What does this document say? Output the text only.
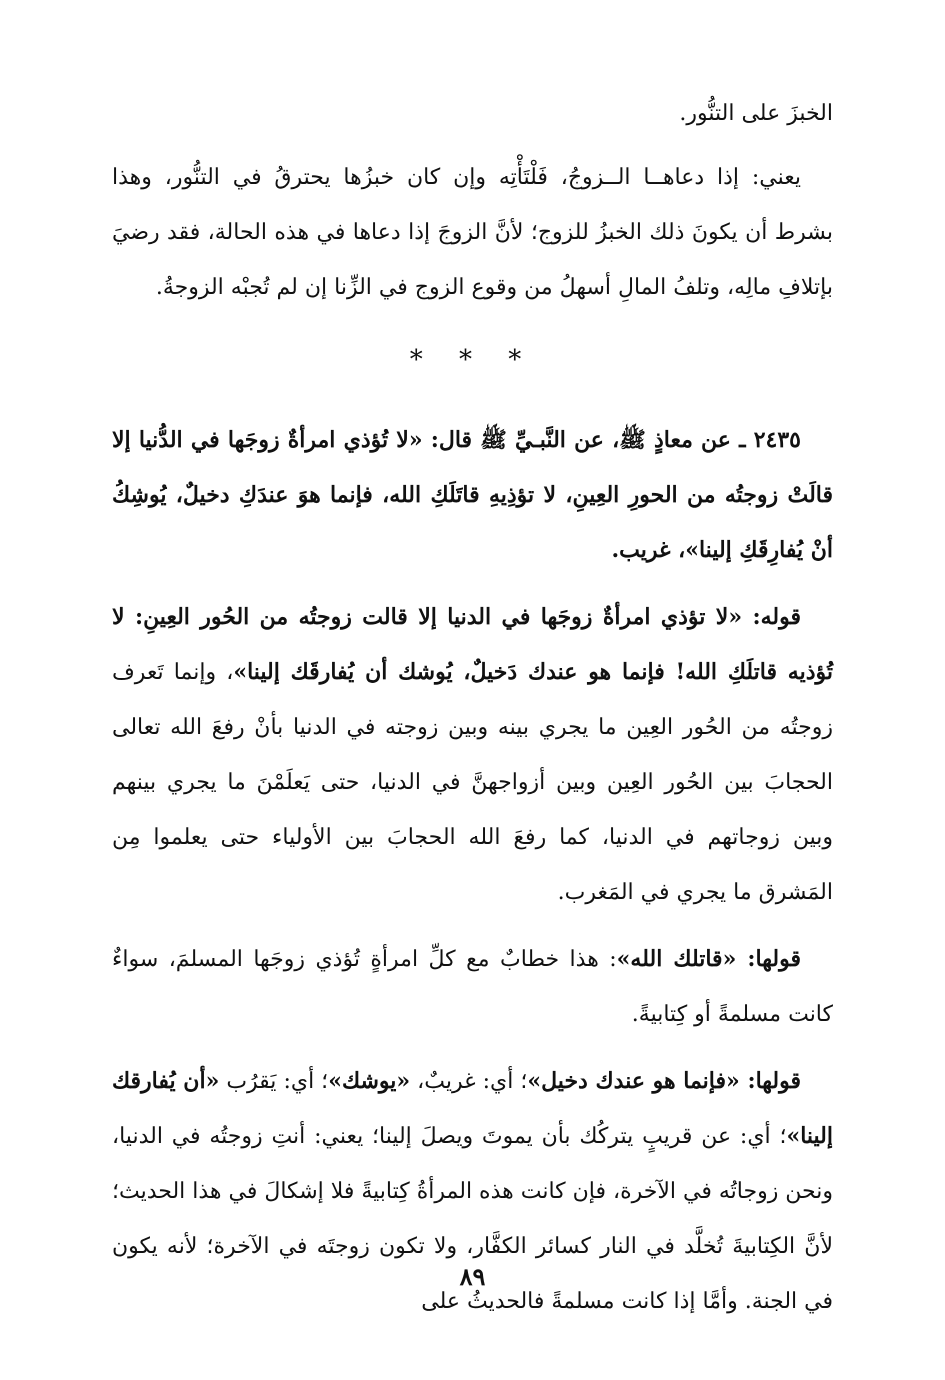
الخبزَ على التنُّور.

يعني: إذا دعاهــا الــزوجُ، فَلْتَأْتِه وإن كان خبزُها يحترقُ في التنُّور، وهذا بشرط أن يكونَ ذلك الخبزُ للزوج؛ لأنَّ الزوجَ إذا دعاها في هذه الحالة، فقد رضيَ بإتلافِ مالِه، وتلفُ المالِ أسهلُ من وقوع الزوج في الزِّنا إن لم تُجبْه الزوجةُ.

* * *

٢٤٣٥ ـ عن معاذٍ ﷺ، عن النَّبـيِّ ﷺ قال: «لا تُؤذي امرأةٌ زوجَها في الدُّنيا إلا قالَتْ زوجتُه من الحورِ العِينِ، لا تؤذِيهِ قاتَلَكِ الله، فإنما هوَ عندَكِ دخيلٌ، يُوشِكُ أنْ يُفارِقَكِ إلينا»، غريب.

قوله: «لا تؤذي امرأةٌ زوجَها في الدنيا إلا قالت زوجتُه من الحُور العِينِ: لا تُؤذيه قاتلَكِ الله! فإنما هو عندك دَخيلٌ، يُوشك أن يُفارقَك إلينا»، وإنما تَعرف زوجتُه من الحُور العِين ما يجري بينه وبين زوجته في الدنيا بأنْ رفعَ الله تعالى الحجابَ بين الحُور العِين وبين أزواجهنَّ في الدنيا، حتى يَعلَمْنَ ما يجري بينهم وبين زوجاتهم في الدنيا، كما رفعَ الله الحجابَ بين الأولياء حتى يعلموا مِن المَشرق ما يجري في المَغرب.

قولها: «قاتلك الله»: هذا خطابٌ مع كلِّ امرأةٍ تُؤذي زوجَها المسلمَ، سواءٌ كانت مسلمةً أو كِتابيةً.

قولها: «فإنما هو عندك دخيل»؛ أي: غريبٌ، «يوشك»؛ أي: يَقرُب «أن يُفارقك إلينا»؛ أي: عن قريبٍ يتركُك بأن يموتَ ويصلَ إلينا؛ يعني: أنتِ زوجتُه في الدنيا، ونحن زوجاتُه في الآخرة، فإن كانت هذه المرأةُ كِتابيةً فلا إشكالَ في هذا الحديث؛ لأنَّ الكِتابيةَ تُخلَّد في النار كسائر الكفَّار، ولا تكون زوجتَه في الآخرة؛ لأنه يكون في الجنة. وأمَّا إذا كانت مسلمةً فالحديثُ على

٨٩
